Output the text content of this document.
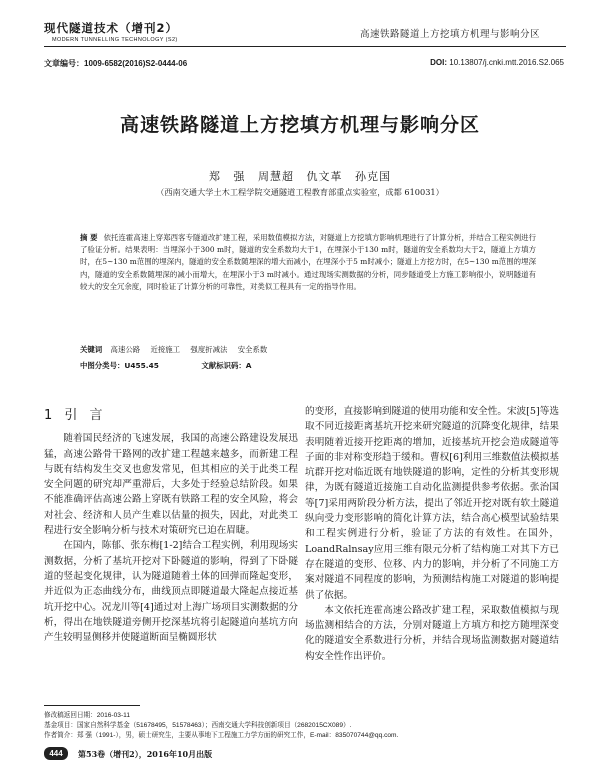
现代隧道技术（增刊2）
MODERN TUNNELLING TECHNOLOGY (S2)	高速铁路隧道上方挖填方机理与影响分区
文章编号：1009-6582(2016)S2-0444-06	DOI: 10.13807/j.cnki.mtt.2016.S2.065
高速铁路隧道上方挖填方机理与影响分区
郑 强 周慧超 仇文革 孙克国
（西南交通大学土木工程学院交通隧道工程教育部重点实验室，成都 610031）
摘 要 依托连霍高速上穿郑西客专隧道改扩建工程，采用数值模拟方法，对隧道上方挖填方影响机理进行了计算分析，并结合工程实例进行了验证分析。结果表明：当埋深小于300 m时，隧道的安全系数均大于1，在埋深小于130 m时，隧道的安全系数均大于2，隧道上方填方时，在5~130 m范围的埋深内，隧道的安全系数随埋深的增大而减小，在埋深小于5 m时减小；隧道上方挖方时，在5~130 m范围的埋深内，隧道的安全系数随埋深的减小而增大，在埋深小于3 m时减小。通过现场实测数据的分析，同步隧道受上方施工影响很小，说明隧道有较大的安全冗余度，同时验证了计算分析的可靠性，对类似工程具有一定的指导作用。
关键词 高速公路 近接施工 强度折减法 安全系数
中图分类号：U455.45	文献标识码：A
1 引 言

随着国民经济的飞速发展，我国的高速公路建设发展迅猛，高速公路骨干路网的改扩建工程越来越多，而新建工程与既有结构发生交叉也愈发常见，但其相应的关于此类工程安全问题的研究却严重滞后，大多处于经验总结阶段。如果不能准确评估高速公路上穿既有铁路工程的安全风险，将会对社会、经济和人员产生难以估量的损失，因此，对此类工程进行安全影响分析与技术对策研究已迫在眉睫。

在国内，陈郁、张东梅[1-2]结合工程实例，利用现场实测数据，分析了基坑开挖对下卧隧道的影响，得到了下卧隧道的竖起变化规律，认为隧道随着土体的回弹而隆起变形，并近似为正态曲线分布，曲线顶点即隧道最大隆起点接近基坑开挖中心。况龙川等[4]通过对上海广场项目实测数据的分析，得出在地铁隧道旁侧开挖深基坑将引起隧道向基坑方向产生较明显侧移并使隧道断面呈椭圆形状

的变形，直接影响到隧道的使用功能和安全性。宋波[5]等选取不同近接距离基坑开挖来研究隧道的沉降变化规律，结果表明随着近接开挖距离的增加，近接基坑开挖会造成隧道等子面的非对称变形趋于缓和。曹权[6]利用三维数值法模拟基坑群开挖对临近既有地铁隧道的影响，定性的分析其变形规律，为既有隧道近接施工自动化监测提供参考依据。张治国等[7]采用两阶段分析方法，提出了邻近开挖对既有软土隧道纵向受力变形影响的简化计算方法，结合高心模型试验结果和工程实例进行分析，验证了方法的有效性。在国外，LoandRalnsay应用三维有限元分析了结构施工对其下方已存在隧道的变形、位移、内力的影响，并分析了不同施工方案对隧道不同程度的影响，为预测结构施工对隧道的影响提供了依据。

本文依托连霍高速公路改扩建工程，采取数值模拟与现场监测相结合的方法，分别对隧道上方填方和挖方随埋深变化的隧道安全系数进行分析，并结合现场监测数据对隧道结构安全性作出评价。

修改稿返回日期：2016-03-11
基金项目：国家自然科学基金（51678495，51578463）；西南交通大学科技创新项目（2682015CX089）.
作者简介：郑 强（1991-），男，硕士研究生，主要从事地下工程施工力学方面的研究工作，E-mail：835070744@qq.com.
444	第53卷（增刊2），2016年10月出版
